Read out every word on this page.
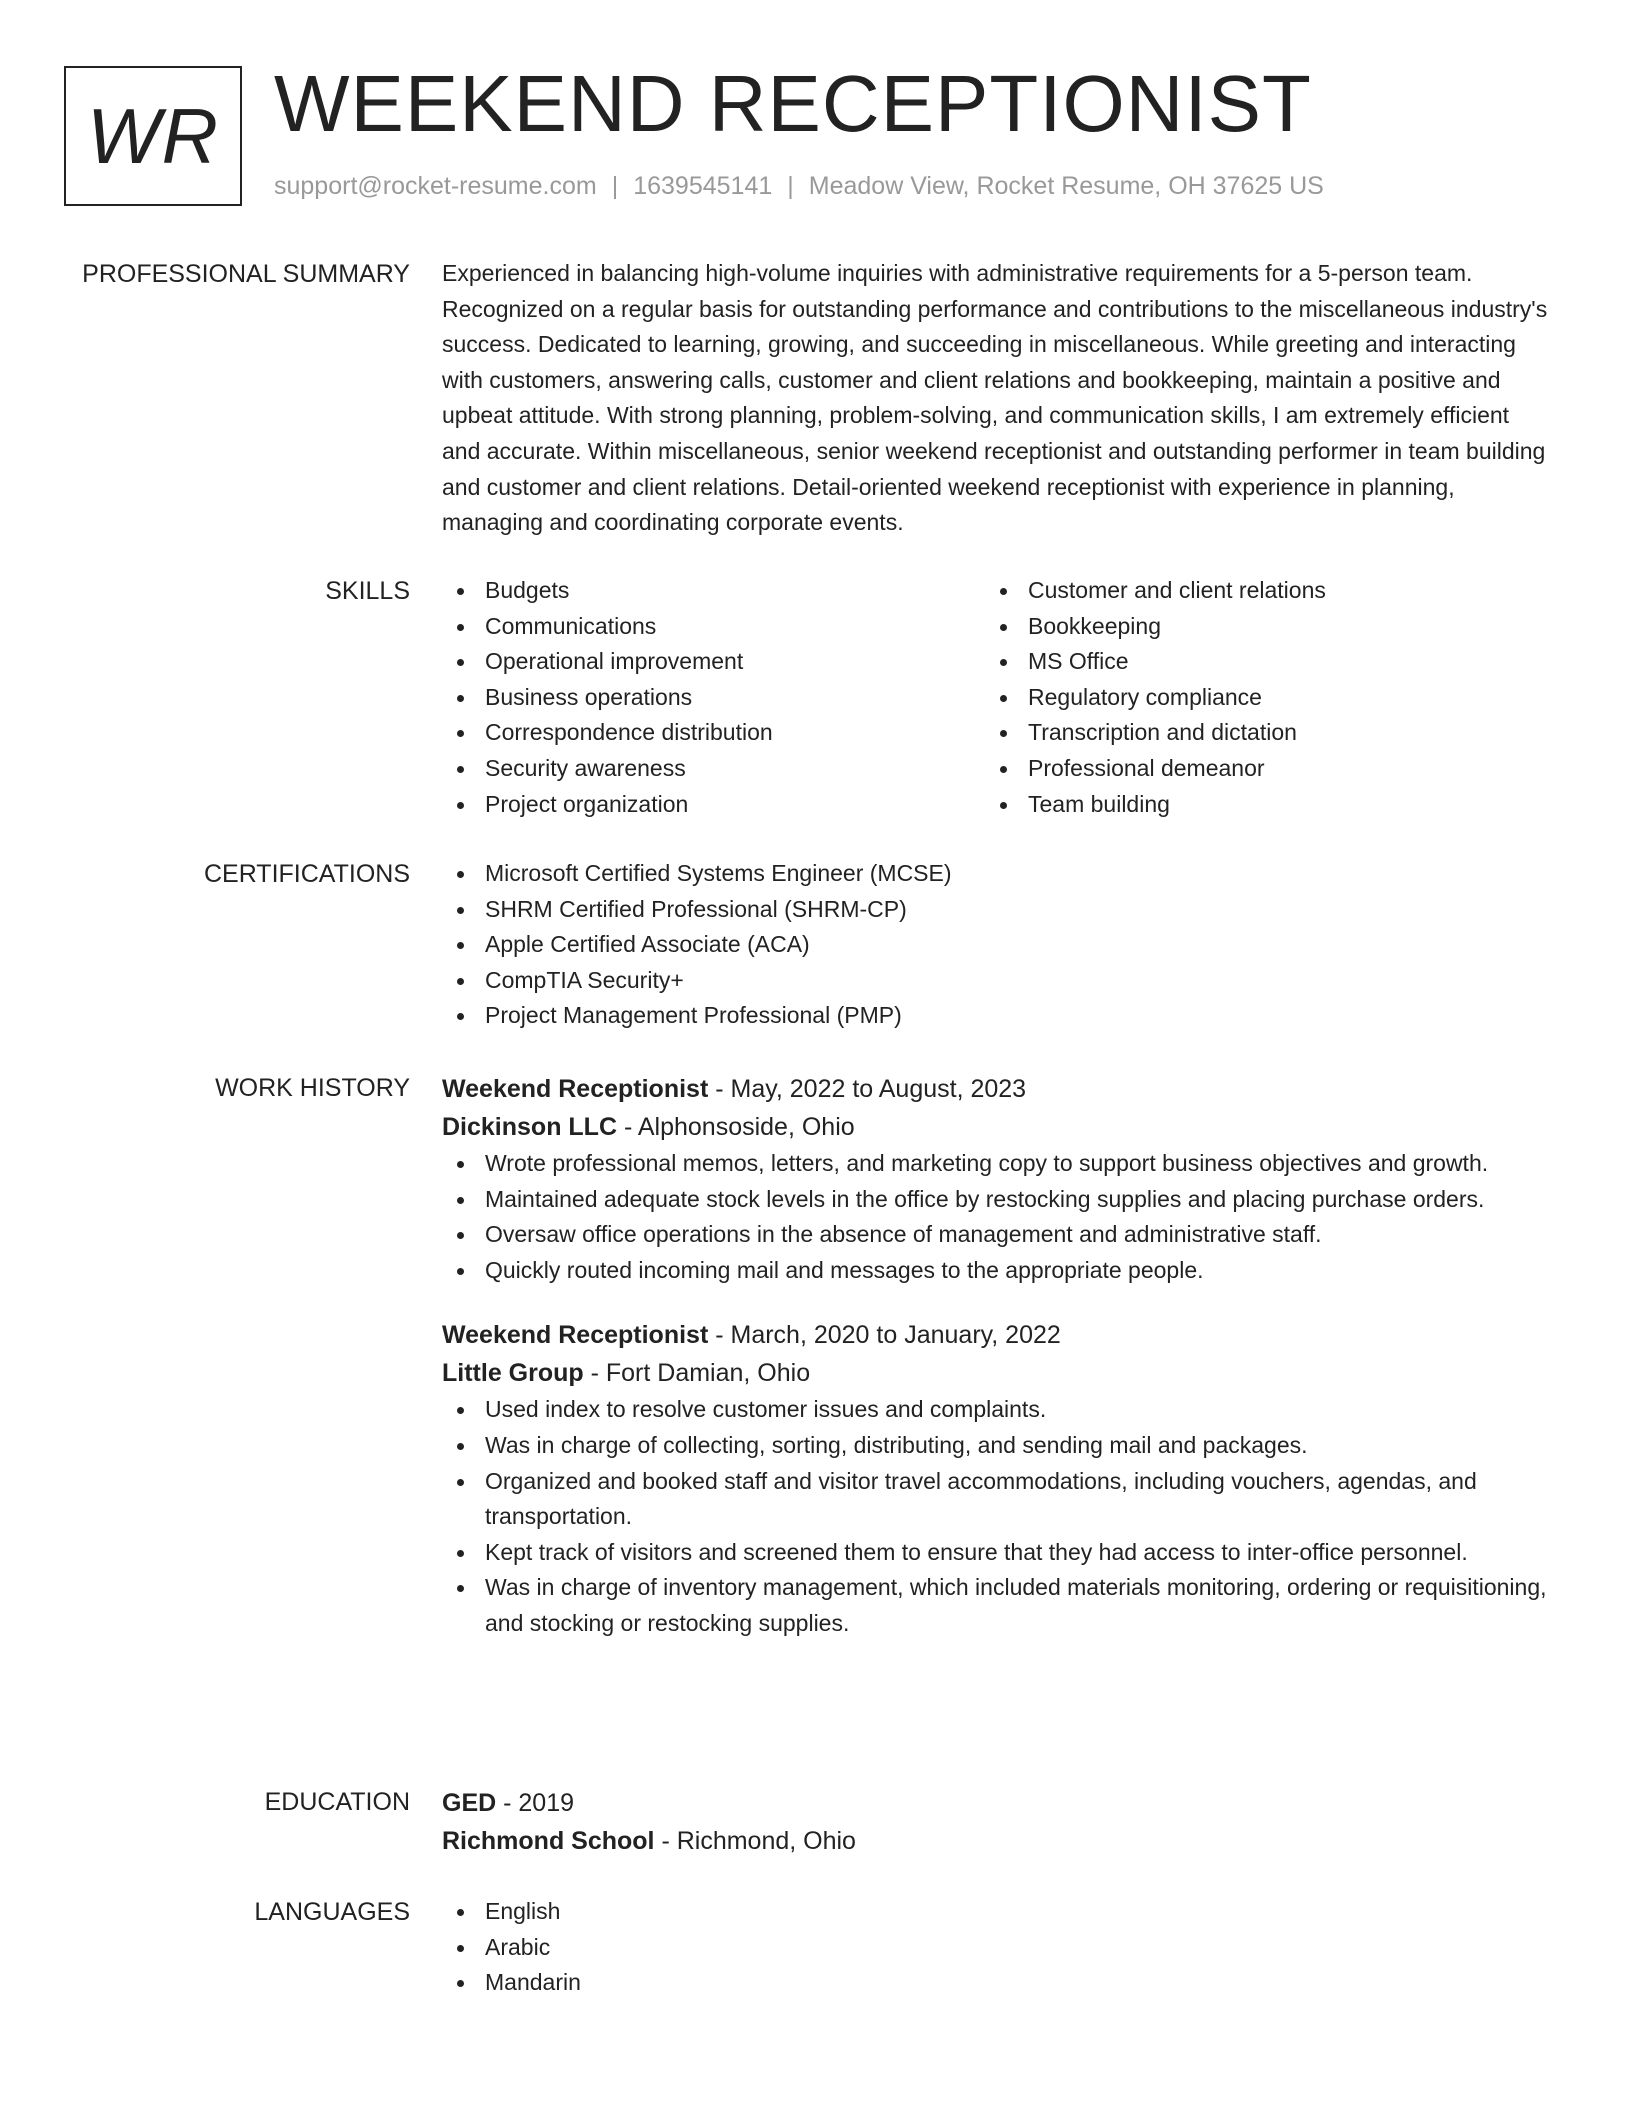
WR WEEKEND RECEPTIONIST
support@rocket-resume.com | 1639545141 | Meadow View, Rocket Resume, OH 37625 US
PROFESSIONAL SUMMARY Experienced in balancing high-volume inquiries with administrative requirements for a 5-person team. Recognized on a regular basis for outstanding performance and contributions to the miscellaneous industry's success. Dedicated to learning, growing, and succeeding in miscellaneous. While greeting and interacting with customers, answering calls, customer and client relations and bookkeeping, maintain a positive and upbeat attitude. With strong planning, problem-solving, and communication skills, I am extremely efficient and accurate. Within miscellaneous, senior weekend receptionist and outstanding performer in team building and customer and client relations. Detail-oriented weekend receptionist with experience in planning, managing and coordinating corporate events.

SKILLS	Budgets
Communications
Operational improvement
Business operations
Correspondence distribution
Security awareness
Project organization
Customer and client relations
Bookkeeping
MS Office
Regulatory compliance
Transcription and dictation
Professional demeanor
Team building
CERTIFICATIONS	Microsoft Certified Systems Engineer (MCSE)
SHRM Certified Professional (SHRM-CP)
Apple Certified Associate (ACA)
CompTIA Security+
Project Management Professional (PMP)
WORK HISTORY Weekend Receptionist - May, 2022 to August, 2023
Dickinson LLC - Alphonsoside, Ohio
Wrote professional memos, letters, and marketing copy to support business objectives and growth.
Maintained adequate stock levels in the office by restocking supplies and placing purchase orders.
Oversaw office operations in the absence of management and administrative staff.
Quickly routed incoming mail and messages to the appropriate people.
Weekend Receptionist - March, 2020 to January, 2022
Little Group - Fort Damian, Ohio
Used index to resolve customer issues and complaints.
Was in charge of collecting, sorting, distributing, and sending mail and packages.
Organized and booked staff and visitor travel accommodations, including vouchers, agendas, and transportation.
Kept track of visitors and screened them to ensure that they had access to inter-office personnel.
Was in charge of inventory management, which included materials monitoring, ordering or requisitioning, and stocking or restocking supplies.
EDUCATION GED - 2019
Richmond School - Richmond, Ohio
LANGUAGES	English
Arabic
Mandarin
